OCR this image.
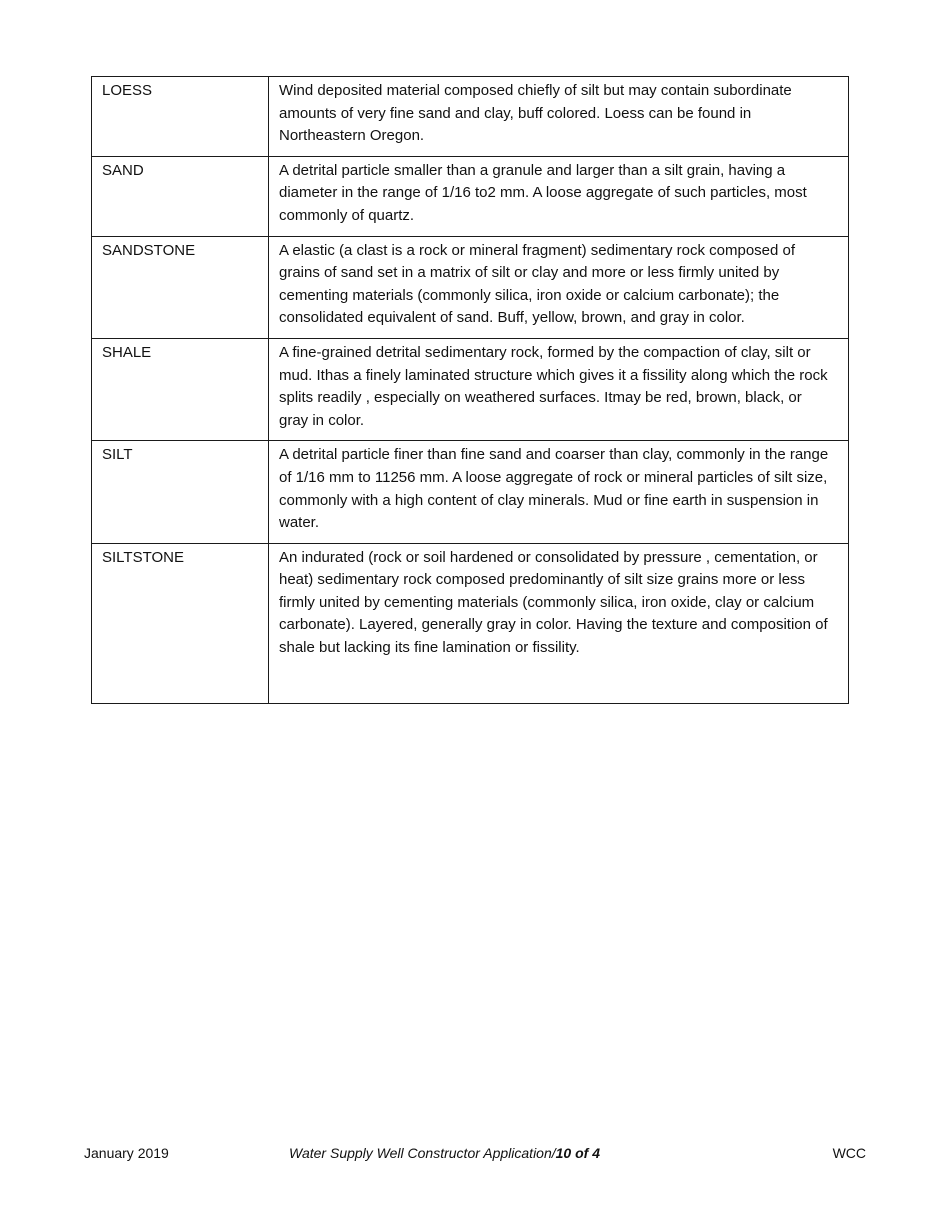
LOESS	Wind deposited material composed chiefly of silt but may contain subordinate amounts of very fine sand and clay, buff colored. Loess can be found in Northeastern Oregon.
SAND	A detrital particle smaller than a granule and larger than a silt grain, having a diameter in the range of 1/16 to2 mm. A loose aggregate of such particles, most commonly of quartz.
SANDSTONE	A elastic (a clast is a rock or mineral fragment) sedimentary rock composed of grains of sand set in a matrix of silt or clay and more or less firmly united by cementing materials (commonly silica, iron oxide or calcium carbonate); the consolidated equivalent of sand. Buff, yellow, brown, and gray in color.
SHALE	A fine-grained detrital sedimentary rock, formed by the compaction of clay, silt or mud. Ithas a finely laminated structure which gives it a fissility along which the rock splits readily , especially on weathered surfaces. Itmay be red, brown, black, or gray in color.
SILT	A detrital particle finer than fine sand and coarser than clay, commonly in the range of 1/16 mm to 11256 mm. A loose aggregate of rock or mineral particles of silt size, commonly with a high content of clay minerals. Mud or fine earth in suspension in water.
SILTSTONE	An indurated (rock or soil hardened or consolidated by pressure , cementation, or heat) sedimentary rock composed predominantly of silt size grains more or less firmly united by cementing materials (commonly silica, iron oxide, clay or calcium carbonate). Layered, generally gray in color. Having the texture and composition of shale but lacking its fine lamination or fissility.
January 2019	Water Supply Well Constructor Application/10 of 4	WCC
